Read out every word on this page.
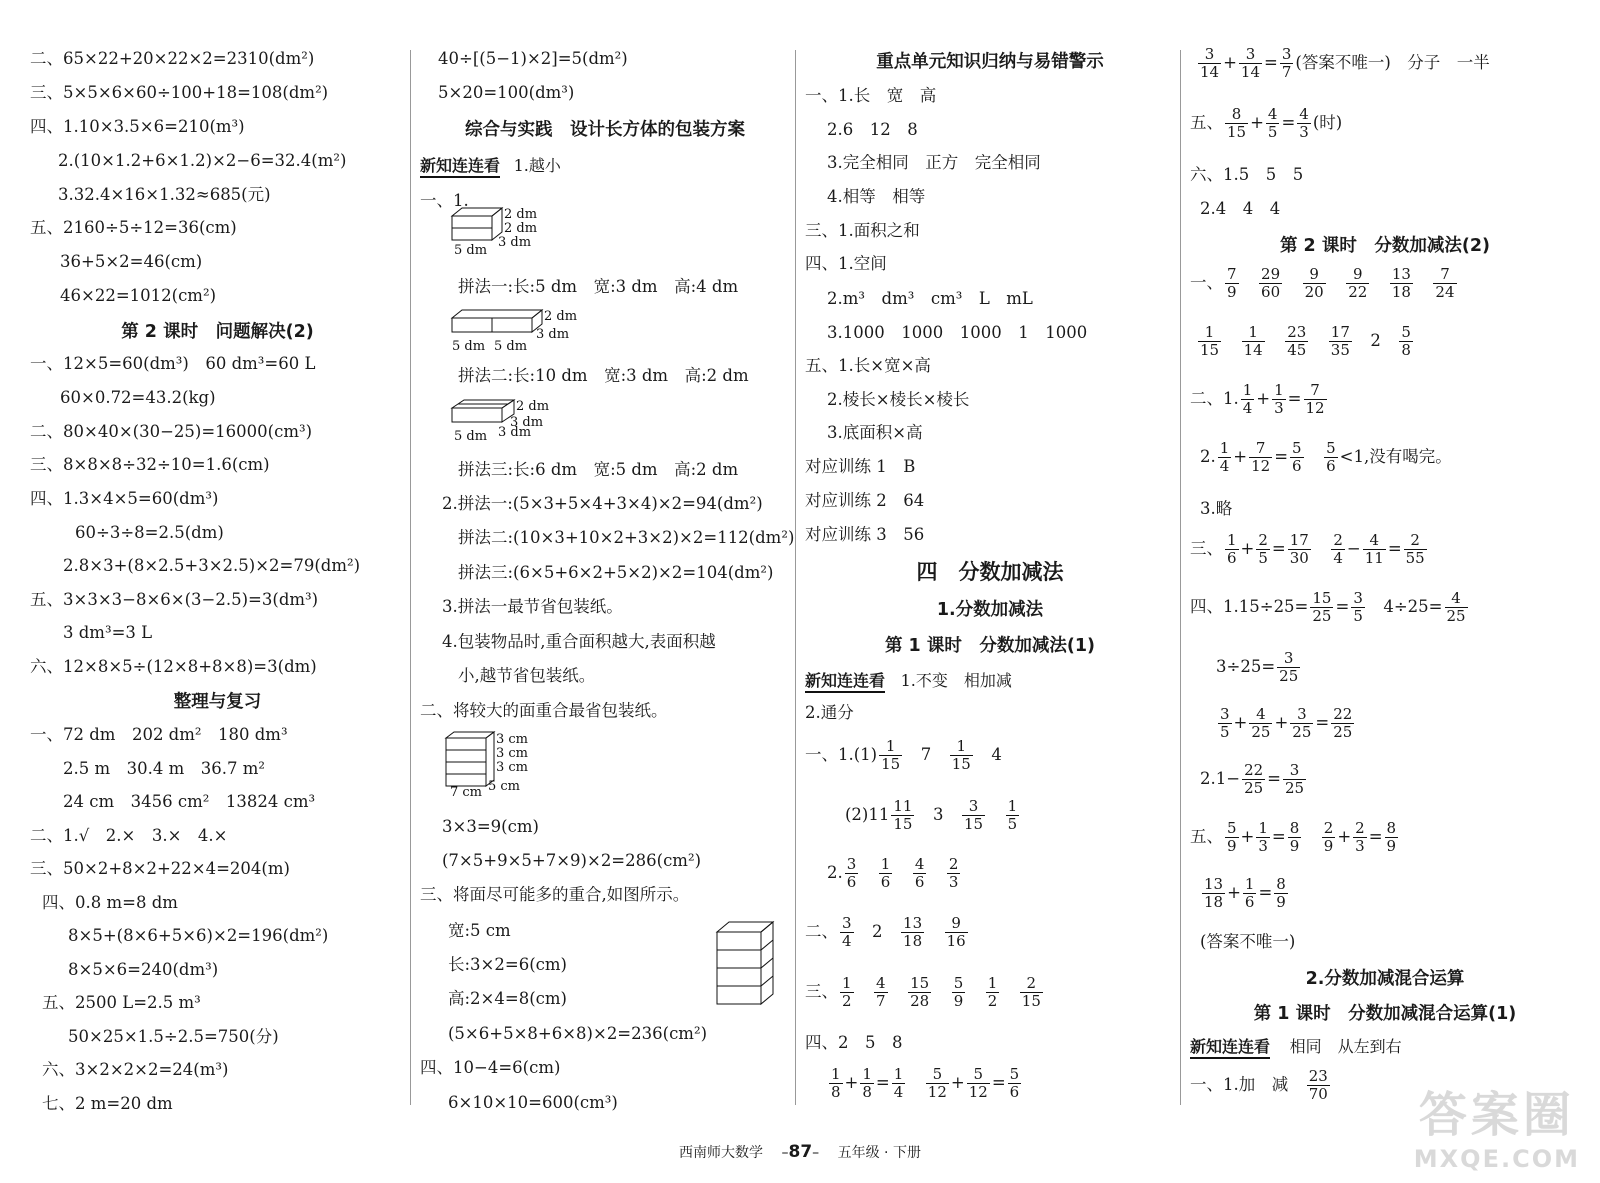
二、65×22+20×22×2=2310(dm²)
三、5×5×6×60÷100+18=108(dm²)
四、1.10×3.5×6=210(m³)
2.(10×1.2+6×1.2)×2−6=32.4(m²)
3.32.4×16×1.32≈685(元)
五、2160÷5÷12=36(cm)
36+5×2=46(cm)
46×22=1012(cm²)
第 2 课时　问题解决(2)
一、12×5=60(dm³)　60 dm³=60 L
60×0.72=43.2(kg)
二、80×40×(30−25)=16000(cm³)
三、8×8×8÷32÷10=1.6(cm)
四、1.3×4×5=60(dm³)
60÷3÷8=2.5(dm)
2.8×3+(8×2.5+3×2.5)×2=79(dm²)
五、3×3×3−8×6×(3−2.5)=3(dm³)
3 dm³=3 L
六、12×8×5÷(12×8+8×8)=3(dm)
整理与复习
一、72 dm　202 dm²　180 dm³
2.5 m　30.4 m　36.7 m²
24 cm　3456 cm²　13824 cm³
二、1.√　2.×　3.×　4.×
三、50×2+8×2+22×4=204(m)
四、0.8 m=8 dm
8×5+(8×6+5×6)×2=196(dm²)
8×5×6=240(dm³)
五、2500 L=2.5 m³
50×25×1.5÷2.5=750(分)
六、3×2×2×2=24(m³)
七、2 m=20 dm
40÷[(5−1)×2]=5(dm²)
5×20=100(dm³)
综合与实践　设计长方体的包装方案
新知连连看 1.越小
一、1.
2 dm
2 dm
3 dm
5 dm
拼法一:长:5 dm　宽:3 dm　高:4 dm
2 dm
3 dm
5 dm 5 dm
拼法二:长:10 dm　宽:3 dm　高:2 dm
2 dm
3 dm
3 dm
5 dm
拼法三:长:6 dm　宽:5 dm　高:2 dm
2.拼法一:(5×3+5×4+3×4)×2=94(dm²)
拼法二:(10×3+10×2+3×2)×2=112(dm²)
拼法三:(6×5+6×2+5×2)×2=104(dm²)
3.拼法一最节省包装纸。
4.包装物品时,重合面积越大,表面积越
小,越节省包装纸。
二、将较大的面重合最省包装纸。
3 cm
3 cm
3 cm
7 cm 5 cm
3×3=9(cm)
(7×5+9×5+7×9)×2=286(cm²)
三、将面尽可能多的重合,如图所示。
宽:5 cm
长:3×2=6(cm)
高:2×4=8(cm)
(5×6+5×8+6×8)×2=236(cm²)
四、10−4=6(cm)
6×10×10=600(cm³)
重点单元知识归纳与易错警示
一、1.长　宽　高
2.6　12　8
3.完全相同　正方　完全相同
4.相等　相等
三、1.面积之和
四、1.空间
2.m³　dm³　cm³　L　mL
3.1000　1000　1000　1　1000
五、1.长×宽×高
2.棱长×棱长×棱长
3.底面积×高
对应训练 1　B
对应训练 2　64
对应训练 3　56
四　分数加减法
1.分数加减法
第 1 课时　分数加减法(1)
新知连连看 1.不变　相加减
2.通分
一、$1.(1) \frac{1}{15}$
  7  $\frac{1}{15}$
  4
$(2)11 \frac{11}{15}$
  3  $\frac{3}{15}$
  $\frac{1}{5}$
2. $\frac{3}{6}$
  $\frac{1}{6}$
  $\frac{4}{6}$
  $\frac{2}{3}$
二、 $\frac{3}{4}$
  2  $\frac{13}{18}$
  $\frac{9}{16}$
三、 $\frac{1}{2}$
  $\frac{4}{7}$
  $\frac{15}{28}$
  $\frac{5}{9}$
  $\frac{1}{2}$
  $\frac{2}{15}$
四、2　5　8
$\frac{1}{8} + \frac{1}{8} = \frac{1}{4}$
　 $\frac{5}{12} + \frac{5}{12} = \frac{5}{6}$
$\frac{3}{14} + \frac{3}{14} = \frac{3}{7}$ (答案不唯一)　分子　一半
五、 $\frac{8}{15} + \frac{4}{5} = \frac{4}{3}$ (时)
六、1.5　5　5
2.4　4　4
第 2 课时　分数加减法(2)
一、 $\frac{7}{9}$
  $\frac{29}{60}$
  $\frac{9}{20}$
  $\frac{9}{22}$
  $\frac{13}{18}$
  $\frac{7}{24}$
$\frac{1}{15}$
  $\frac{1}{14}$
  $\frac{23}{45}$
  $\frac{17}{35}$
  2  $\frac{5}{8}$
二、1. $\frac{1}{4} + \frac{1}{3} = \frac{7}{12}$
2. $\frac{1}{4} + \frac{7}{12} = \frac{5}{6}$
　 $\frac{5}{6} <1$,没有喝完。
3.略
三、 $\frac{1}{6} + \frac{2}{5} = \frac{17}{30}$
　 $\frac{2}{4} - \frac{4}{11} = \frac{2}{55}$
四、$1.15\div 25= \frac{15}{25} = \frac{3}{5}$ 　$4\div 25= \frac{4}{25}$
$3\div 25= \frac{3}{25}$
$\frac{3}{5} + \frac{4}{25} + \frac{3}{25} = \frac{22}{25}$
$2.1- \frac{22}{25} = \frac{3}{25}$
五、 $\frac{5}{9} + \frac{1}{3} = \frac{8}{9}$
　 $\frac{2}{9} + \frac{2}{3} = \frac{8}{9}$
$\frac{13}{18} + \frac{1}{6} = \frac{8}{9}$
(答案不唯一)
2.分数加减混合运算
第 1 课时　分数加减混合运算(1)
新知连连看 相同　从左到右
一、1.加　减　 $\frac{23}{70}$
西南师大数学 　–87–　 五年级 · 下册
答案圈
MXQE.COM
